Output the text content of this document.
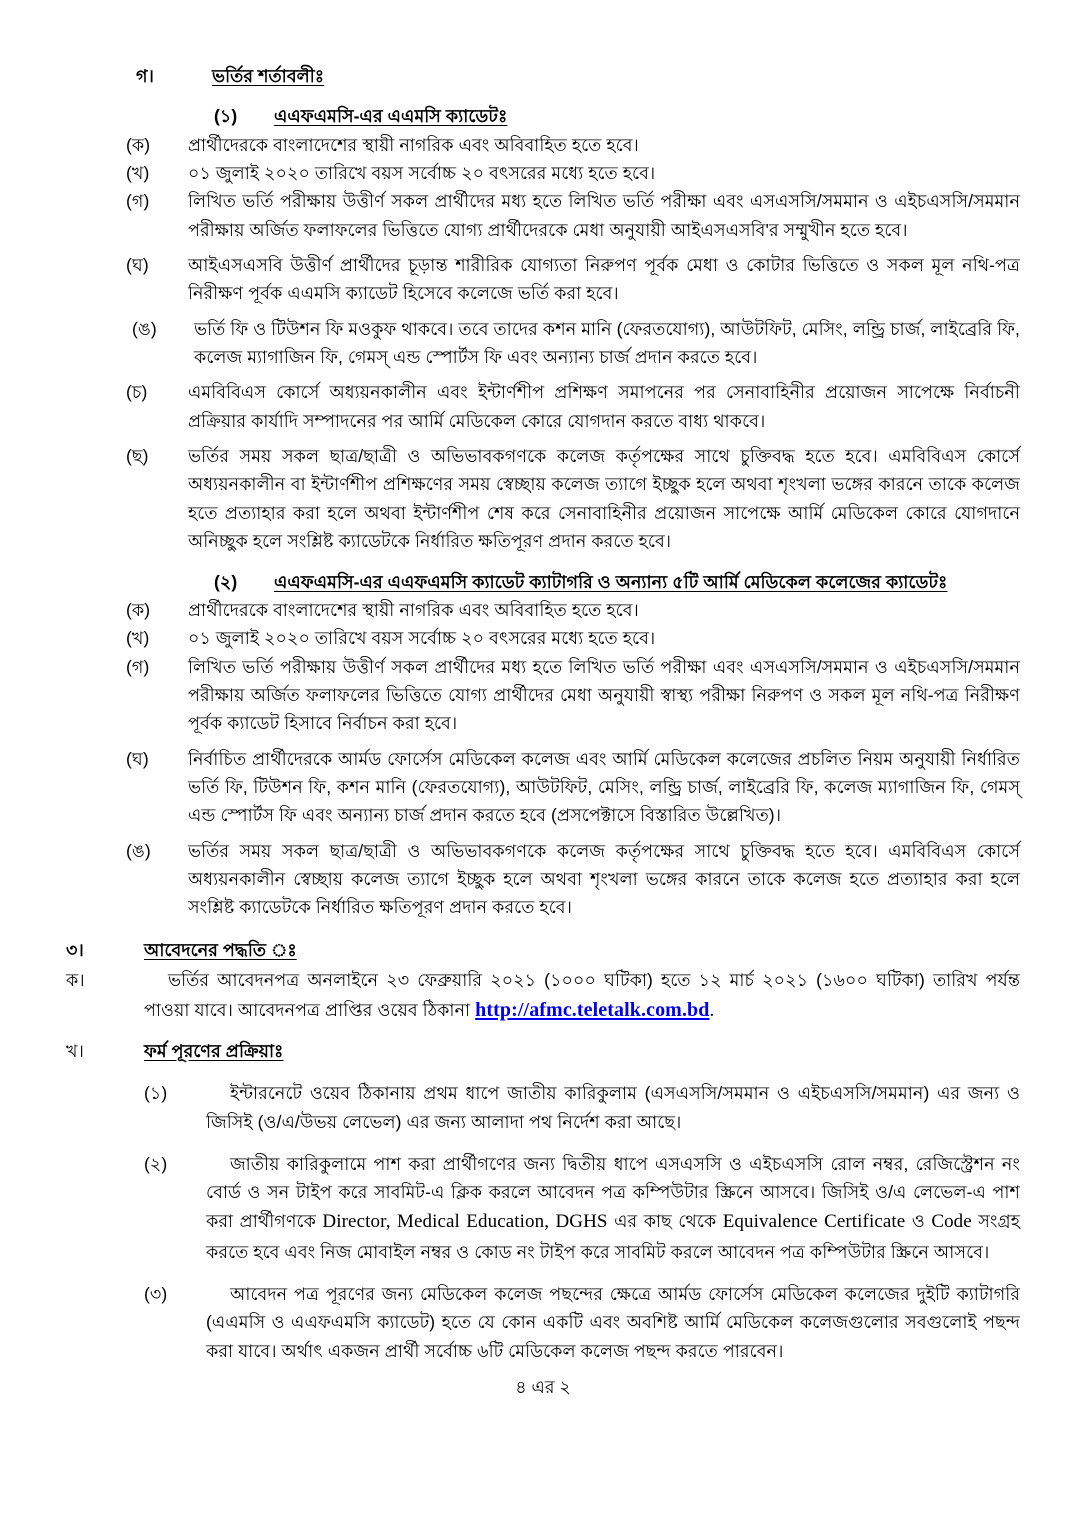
গ।	ভর্তির শর্তাবলীঃ
(১)	এএফএমসি-এর এএমসি ক্যাডেটঃ
(ক)	প্রার্থীদেরকে বাংলাদেশের স্থায়ী নাগরিক এবং অবিবাহিত হতে হবে।
(খ)	০১ জুলাই ২০২০ তারিখে বয়স সর্বোচ্চ ২০ বৎসরের মধ্যে হতে হবে।
(গ)	লিখিত ভর্তি পরীক্ষায় উত্তীর্ণ সকল প্রার্থীদের মধ্য হতে লিখিত ভর্তি পরীক্ষা এবং এসএসসি/সমমান ও এইচএসসি/সমমান পরীক্ষায় অর্জিত ফলাফলের ভিত্তিতে যোগ্য প্রার্থীদেরকে মেধা অনুযায়ী আইএসএসবি'র সম্মুখীন হতে হবে।
(ঘ)	আইএসএসবি উত্তীর্ণ প্রার্থীদের চূড়ান্ত শারীরিক যোগ্যতা নিরুপণ পূর্বক মেধা ও কোটার ভিত্তিতে ও সকল মূল নথি-পত্র নিরীক্ষণ পূর্বক এএমসি ক্যাডেট হিসেবে কলেজে ভর্তি করা হবে।
(ঙ)	ভর্তি ফি ও টিউশন ফি মওকুফ থাকবে। তবে তাদের কশন মানি (ফেরতযোগ্য), আউটফিট, মেসিং, লন্ড্রি চার্জ, লাইব্রেরি ফি, কলেজ ম্যাগাজিন ফি, গেমস্ এন্ড স্পোর্টস ফি এবং অন্যান্য চার্জ প্রদান করতে হবে।
(চ)	এমবিবিএস কোর্সে অধ্যয়নকালীন এবং ইন্টার্ণশীপ প্রশিক্ষণ সমাপনের পর সেনাবাহিনীর প্রয়োজন সাপেক্ষে নির্বাচনী প্রক্রিয়ার কার্যাদি সম্পাদনের পর আর্মি মেডিকেল কোরে যোগদান করতে বাধ্য থাকবে।
(ছ)	ভর্তির সময় সকল ছাত্র/ছাত্রী ও অভিভাবকগণকে কলেজ কর্তৃপক্ষের সাথে চুক্তিবদ্ধ হতে হবে। এমবিবিএস কোর্সে অধ্যয়নকালীন বা ইন্টার্ণশীপ প্রশিক্ষণের সময় স্বেচ্ছায় কলেজ ত্যাগে ইচ্ছুক হলে অথবা শৃংখলা ভঙ্গের কারনে তাকে কলেজ হতে প্রত্যাহার করা হলে অথবা ইন্টার্ণশীপ শেষ করে সেনাবাহিনীর প্রয়োজন সাপেক্ষে আর্মি মেডিকেল কোরে যোগদানে অনিচ্ছুক হলে সংশ্লিষ্ট ক্যাডেটকে নির্ধারিত ক্ষতিপূরণ প্রদান করতে হবে।
(২)	এএফএমসি-এর এএফএমসি ক্যাডেট ক্যাটাগরি ও অন্যান্য ৫টি আর্মি মেডিকেল কলেজের ক্যাডেটঃ
(ক)	প্রার্থীদেরকে বাংলাদেশের স্থায়ী নাগরিক এবং অবিবাহিত হতে হবে।
(খ)	০১ জুলাই ২০২০ তারিখে বয়স সর্বোচ্চ ২০ বৎসরের মধ্যে হতে হবে।
(গ)	লিখিত ভর্তি পরীক্ষায় উত্তীর্ণ সকল প্রার্থীদের মধ্য হতে লিখিত ভর্তি পরীক্ষা এবং এসএসসি/সমমান ও এইচএসসি/সমমান পরীক্ষায় অর্জিত ফলাফলের ভিত্তিতে যোগ্য প্রার্থীদের মেধা অনুযায়ী স্বাস্থ্য পরীক্ষা নিরুপণ ও সকল মূল নথি-পত্র নিরীক্ষণ পূর্বক ক্যাডেট হিসাবে নির্বাচন করা হবে।
(ঘ)	নির্বাচিত প্রার্থীদেরকে আর্মড ফোর্সেস মেডিকেল কলেজ এবং আর্মি মেডিকেল কলেজের প্রচলিত নিয়ম অনুযায়ী নির্ধারিত ভর্তি ফি, টিউশন ফি, কশন মানি (ফেরতযোগ্য), আউটফিট, মেসিং, লন্ড্রি চার্জ, লাইব্রেরি ফি, কলেজ ম্যাগাজিন ফি, গেমস্ এন্ড স্পোর্টস ফি এবং অন্যান্য চার্জ প্রদান করতে হবে (প্রসপেক্টাসে বিস্তারিত উল্লেখিত)।
(ঙ)	ভর্তির সময় সকল ছাত্র/ছাত্রী ও অভিভাবকগণকে কলেজ কর্তৃপক্ষের সাথে চুক্তিবদ্ধ হতে হবে। এমবিবিএস কোর্সে অধ্যয়নকালীন স্বেচ্ছায় কলেজ ত্যাগে ইচ্ছুক হলে অথবা শৃংখলা ভঙ্গের কারনে তাকে কলেজ হতে প্রত্যাহার করা হলে সংশ্লিষ্ট ক্যাডেটকে নির্ধারিত ক্ষতিপূরণ প্রদান করতে হবে।
৩।	আবেদনের পদ্ধতি ঃ
ক।	ভর্তির আবেদনপত্র অনলাইনে ২৩ ফেব্রুয়ারি ২০২১ (১০০০ ঘটিকা) হতে ১২ মার্চ ২০২১ (১৬০০ ঘটিকা) তারিখ পর্যন্ত পাওয়া যাবে। আবেদনপত্র প্রাপ্তির ওয়েব ঠিকানা http://afmc.teletalk.com.bd.
খ।	ফর্ম পূরণের প্রক্রিয়াঃ
(১)	ইন্টারনেটে ওয়েব ঠিকানায় প্রথম ধাপে জাতীয় কারিকুলাম (এসএসসি/সমমান ও এইচএসসি/সমমান) এর জন্য ও জিসিই (ও/এ/উভয় লেভেল) এর জন্য আলাদা পথ নির্দেশ করা আছে।
(২)	জাতীয় কারিকুলামে পাশ করা প্রার্থীগণের জন্য দ্বিতীয় ধাপে এসএসসি ও এইচএসসি রোল নম্বর, রেজিস্ট্রেশন নং বোর্ড ও সন টাইপ করে সাবমিট-এ ক্লিক করলে আবেদন পত্র কম্পিউটার স্ক্রিনে আসবে। জিসিই ও/এ লেভেল-এ পাশ করা প্রার্থীগণকে Director, Medical Education, DGHS এর কাছ থেকে Equivalence Certificate ও Code সংগ্রহ করতে হবে এবং নিজ মোবাইল নম্বর ও কোড নং টাইপ করে সাবমিট করলে আবেদন পত্র কম্পিউটার স্ক্রিনে আসবে।
(৩)	আবেদন পত্র পূরণের জন্য মেডিকেল কলেজ পছন্দের ক্ষেত্রে আর্মড ফোর্সেস মেডিকেল কলেজের দুইটি ক্যাটাগরি (এএমসি ও এএফএমসি ক্যাডেট) হতে যে কোন একটি এবং অবশিষ্ট আর্মি মেডিকেল কলেজগুলোর সবগুলোই পছন্দ করা যাবে। অর্থাৎ একজন প্রার্থী সর্বোচ্চ ৬টি মেডিকেল কলেজ পছন্দ করতে পারবেন।
৪ এর ২
